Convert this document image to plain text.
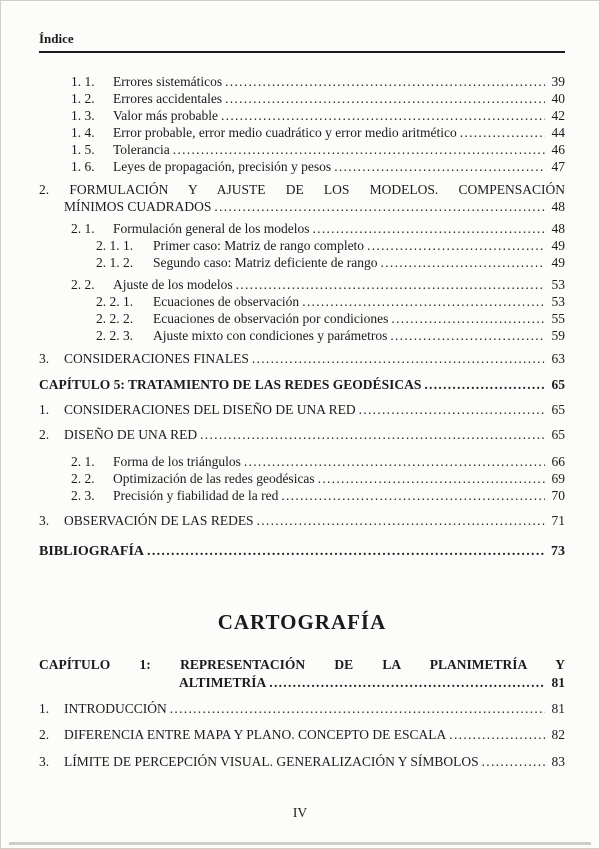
Índice
1. 1.	Errores sistemáticos .....	39
1. 2.	Errores accidentales .....	40
1. 3.	Valor más probable .....	42
1. 4.	Error probable, error medio cuadrático y error medio aritmético .....	44
1. 5.	Tolerancia .....	46
1. 6.	Leyes de propagación, precisión y pesos .....	47
2. FORMULACIÓN Y AJUSTE DE LOS MODELOS. COMPENSACIÓN
MÍNIMOS CUADRADOS .....	48
2. 1.	Formulación general de los modelos .....	48
2. 1. 1.	Primer caso: Matriz de rango completo .....	49
2. 1. 2.	Segundo caso: Matriz deficiente de rango .....	49
2. 2.	Ajuste de los modelos .....	53
2. 2. 1.	Ecuaciones de observación .....	53
2. 2. 2.	Ecuaciones de observación por condiciones .....	55
2. 2. 3.	Ajuste mixto con condiciones y parámetros .....	59
3.	CONSIDERACIONES FINALES .....	63
CAPÍTULO 5: TRATAMIENTO DE LAS REDES GEODÉSICAS .....	65
1.	CONSIDERACIONES DEL DISEÑO DE UNA RED .....	65
2.	DISEÑO DE UNA RED .....	65
2. 1.	Forma de los triángulos .....	66
2. 2.	Optimización de las redes geodésicas .....	69
2. 3.	Precisión y fiabilidad de la red .....	70
3.	OBSERVACIÓN DE LAS REDES .....	71
BIBLIOGRAFÍA .....	73
CARTOGRAFÍA
CAPÍTULO 1: REPRESENTACIÓN DE LA PLANIMETRÍA Y
ALTIMETRÍA .....	81
1.	INTRODUCCIÓN .....	81
2.	DIFERENCIA ENTRE MAPA Y PLANO. CONCEPTO DE ESCALA .....	82
3.	LÍMITE DE PERCEPCIÓN VISUAL. GENERALIZACIÓN Y SÍMBOLOS .....	83
IV
